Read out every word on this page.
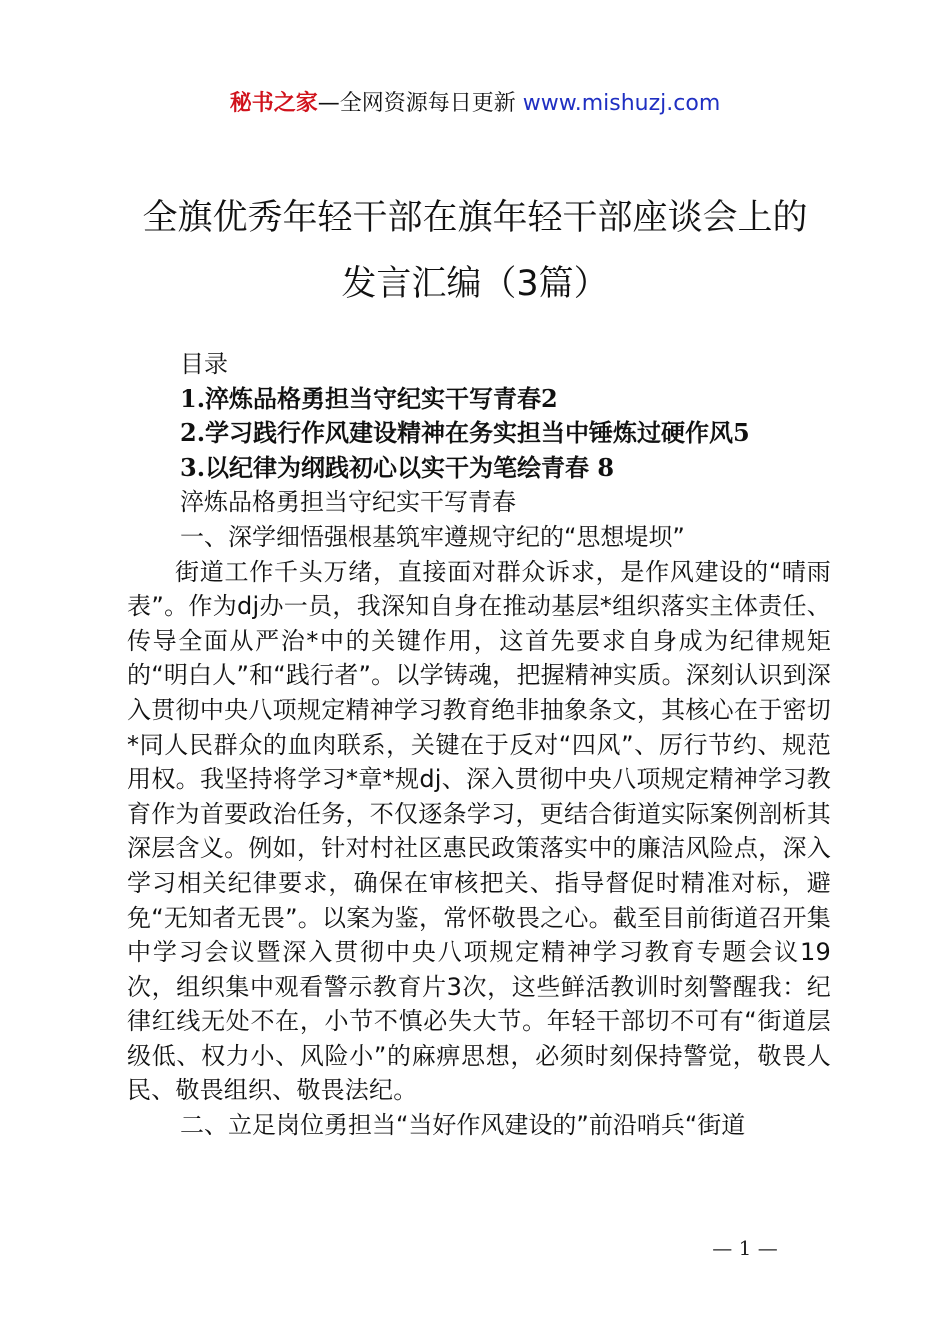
秘书之家—全网资源每日更新 www.mishuzj.com
全旗优秀年轻干部在旗年轻干部座谈会上的
发言汇编（3篇）

目录

1.淬炼品格勇担当守纪实干写青春2

2.学习践行作风建设精神在务实担当中锤炼过硬作风5

3.以纪律为纲践初心以实干为笔绘青春 8

淬炼品格勇担当守纪实干写青春

一、深学细悟强根基筑牢遵规守纪的“思想堤坝”

街道工作千头万绪，直接面对群众诉求，是作风建设的“晴雨表”。作为dj办一员，我深知自身在推动基层*组织落实主体责任、传导全面从严治*中的关键作用，这首先要求自身成为纪律规矩的“明白人”和“践行者”。以学铸魂，把握精神实质。深刻认识到深入贯彻中央八项规定精神学习教育绝非抽象条文，其核心在于密切*同人民群众的血肉联系，关键在于反对“四风”、厉行节约、规范用权。我坚持将学习*章*规dj、深入贯彻中央八项规定精神学习教育作为首要政治任务，不仅逐条学习，更结合街道实际案例剖析其深层含义。例如，针对村社区惠民政策落实中的廉洁风险点，深入学习相关纪律要求，确保在审核把关、指导督促时精准对标，避免“无知者无畏”。以案为鉴，常怀敬畏之心。截至目前街道召开集中学习会议暨深入贯彻中央八项规定精神学习教育专题会议19次，组织集中观看警示教育片3次，这些鲜活教训时刻警醒我：纪律红线无处不在，小节不慎必失大节。年轻干部切不可有“街道层级低、权力小、风险小”的麻痹思想，必须时刻保持警觉，敬畏人民、敬畏组织、敬畏法纪。

二、立足岗位勇担当“当好作风建设的”前沿哨兵“街道

— 1 —
